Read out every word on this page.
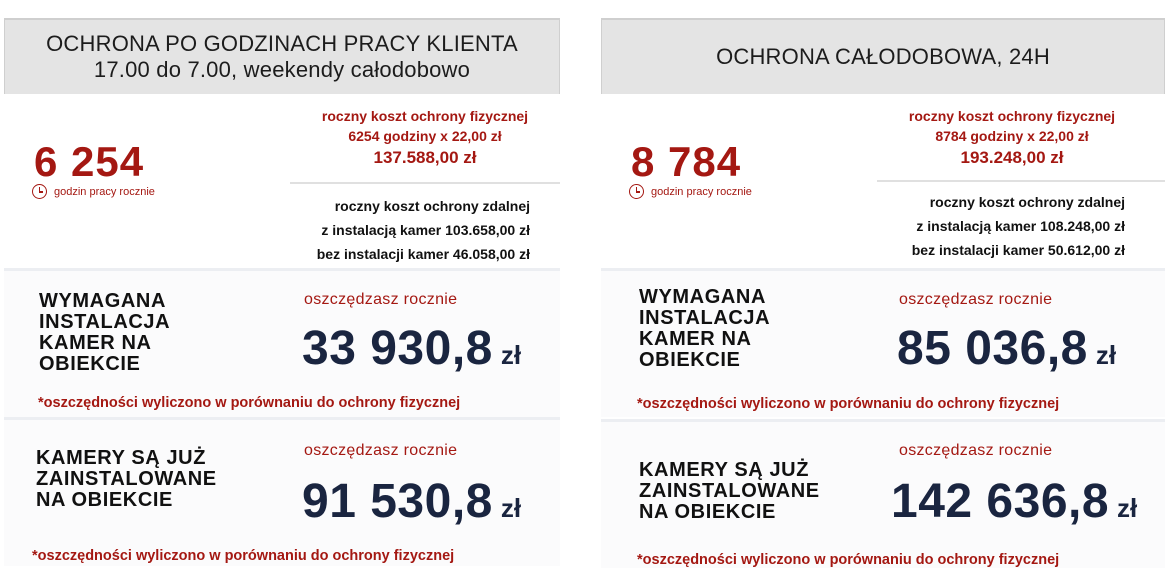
OCHRONA PO GODZINACH PRACY KLIENTA
17.00 do 7.00, weekendy całodobowo
6 254
godzin pracy rocznie
roczny koszt ochrony fizycznej
6254 godziny x 22,00 zł
137.588,00 zł
roczny koszt ochrony zdalnej
z instalacją kamer 103.658,00 zł
bez instalacji kamer 46.058,00 zł
WYMAGANA
INSTALACJA
KAMER NA
OBIEKCIE
oszczędzasz rocznie
33 930,8 zł
*oszczędności wyliczono w porównaniu do ochrony fizycznej
KAMERY SĄ JUŻ
ZAINSTALOWANE
NA OBIEKCIE
oszczędzasz rocznie
91 530,8 zł
*oszczędności wyliczono w porównaniu do ochrony fizycznej
OCHRONA CAŁODOBOWA, 24H
8 784
godzin pracy rocznie
roczny koszt ochrony fizycznej
8784 godziny x 22,00 zł
193.248,00 zł
roczny koszt ochrony zdalnej
z instalacją kamer 108.248,00 zł
bez instalacji kamer 50.612,00 zł
WYMAGANA
INSTALACJA
KAMER NA
OBIEKCIE
oszczędzasz rocznie
85 036,8 zł
*oszczędności wyliczono w porównaniu do ochrony fizycznej
KAMERY SĄ JUŻ
ZAINSTALOWANE
NA OBIEKCIE
oszczędzasz rocznie
142 636,8 zł
*oszczędności wyliczono w porównaniu do ochrony fizycznej
